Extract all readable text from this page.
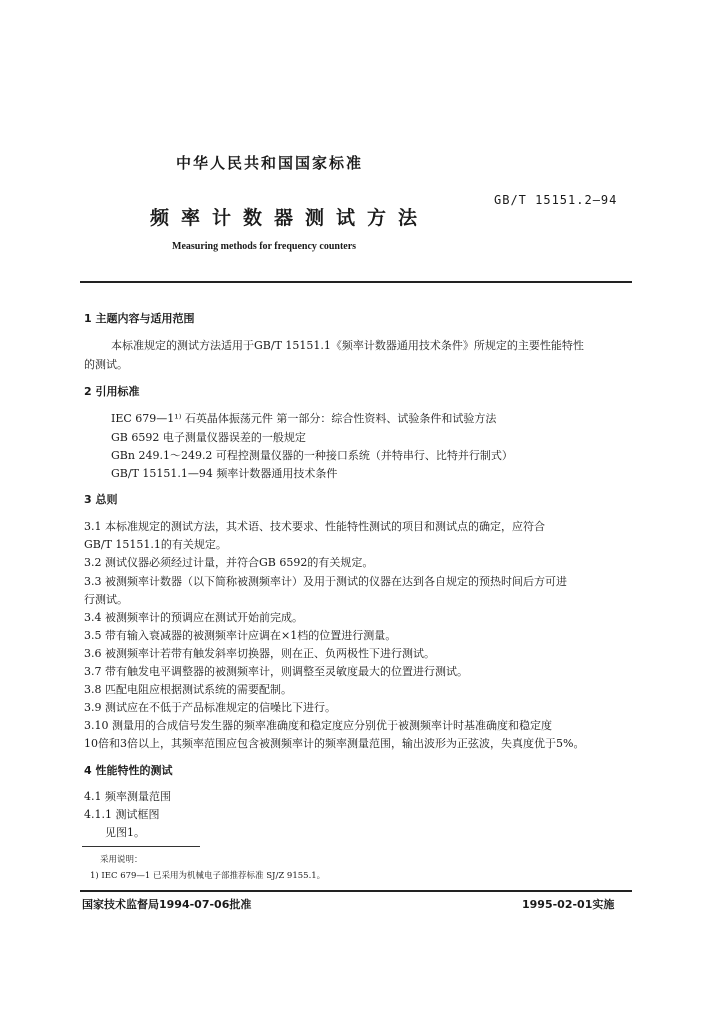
中华人民共和国国家标准
GB/T 15151.2—94
频率计数器测试方法
Measuring methods for frequency counters
1 主题内容与适用范围
本标准规定的测试方法适用于GB/T 15151.1《频率计数器通用技术条件》所规定的主要性能特性
的测试。
2 引用标准
IEC 679—1¹⁾ 石英晶体振荡元件 第一部分：综合性资料、试验条件和试验方法
GB 6592 电子测量仪器误差的一般规定
GBn 249.1～249.2 可程控测量仪器的一种接口系统（并特串行、比特并行制式）
GB/T 15151.1—94 频率计数器通用技术条件
3 总则
3.1 本标准规定的测试方法，其术语、技术要求、性能特性测试的项目和测试点的确定，应符合
GB/T 15151.1的有关规定。
3.2 测试仪器必须经过计量，并符合GB 6592的有关规定。
3.3 被测频率计数器（以下简称被测频率计）及用于测试的仪器在达到各自规定的预热时间后方可进
行测试。
3.4 被测频率计的预调应在测试开始前完成。
3.5 带有输入衰减器的被测频率计应调在×1档的位置进行测量。
3.6 被测频率计若带有触发斜率切换器，则在正、负两极性下进行测试。
3.7 带有触发电平调整器的被测频率计，则调整至灵敏度最大的位置进行测试。
3.8 匹配电阻应根据测试系统的需要配制。
3.9 测试应在不低于产品标准规定的信噪比下进行。
3.10 测量用的合成信号发生器的频率准确度和稳定度应分别优于被测频率计时基准确度和稳定度
10倍和3倍以上，其频率范围应包含被测频率计的频率测量范围，输出波形为正弦波，失真度优于5%。
4 性能特性的测试
4.1 频率测量范围
4.1.1 测试框图
见图1。
采用说明：
1) IEC 679—1 已采用为机械电子部推荐标准 SJ/Z 9155.1。
国家技术监督局1994-07-06批准	1995-02-01实施
